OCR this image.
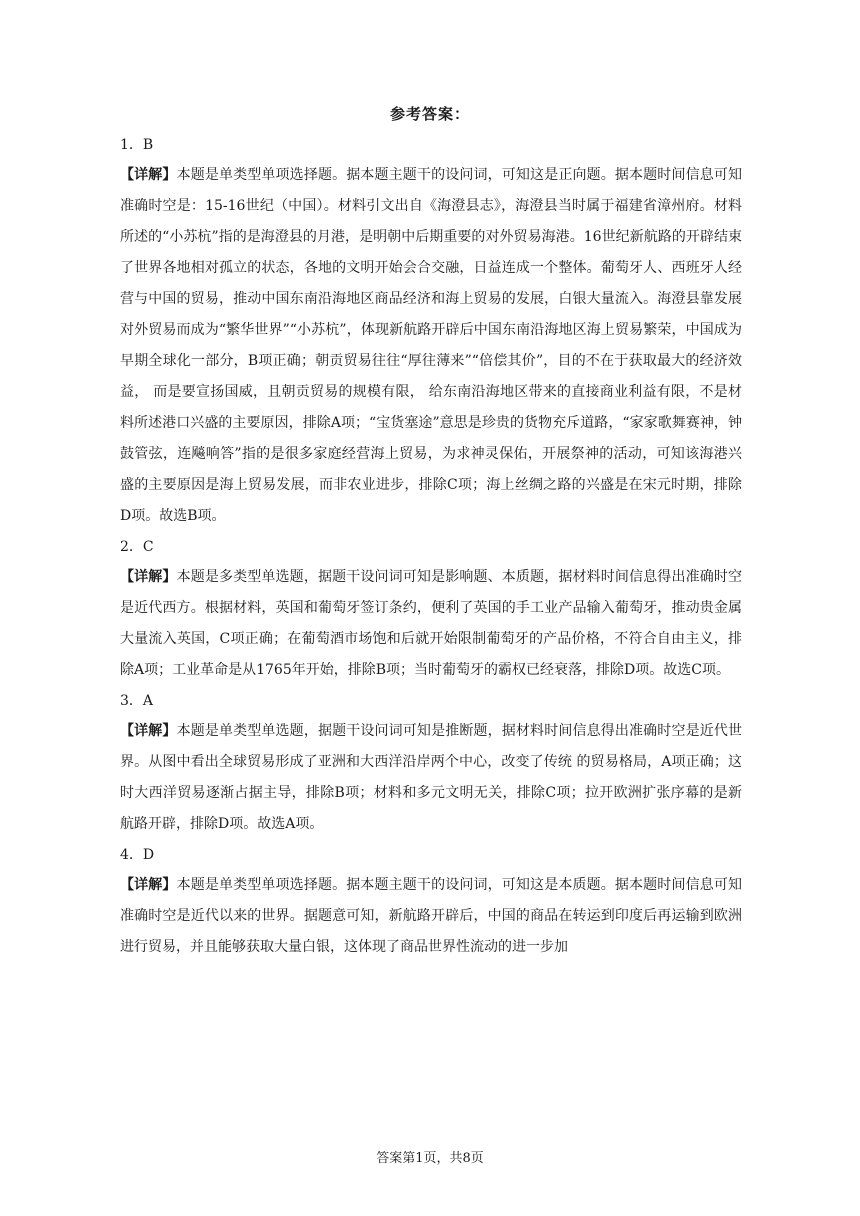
参考答案：

1．B

【详解】本题是单类型单项选择题。据本题主题干的设问词，可知这是正向题。据本题时间信息可知准确时空是：15-16世纪（中国）。材料引文出自《海澄县志》，海澄县当时属于福建省漳州府。材料所述的“小苏杭”指的是海澄县的月港，是明朝中后期重要的对外贸易海港。16世纪新航路的开辟结束了世界各地相对孤立的状态，各地的文明开始会合交融，日益连成一个整体。葡萄牙人、西班牙人经营与中国的贸易，推动中国东南沿海地区商品经济和海上贸易的发展，白银大量流入。海澄县靠发展对外贸易而成为“繁华世界”“小苏杭”，体现新航路开辟后中国东南沿海地区海上贸易繁荣，中国成为早期全球化一部分，B项正确；朝贡贸易往往“厚往薄来”“倍偿其价”，目的不在于获取最大的经济效益， 而是要宣扬国威，且朝贡贸易的规模有限， 给东南沿海地区带来的直接商业利益有限，不是材料所述港口兴盛的主要原因，排除A项；“宝货塞途”意思是珍贵的货物充斥道路，“家家歌舞赛神，钟鼓管弦，连飚响答”指的是很多家庭经营海上贸易，为求神灵保佑，开展祭神的活动，可知该海港兴盛的主要原因是海上贸易发展，而非农业进步，排除C项；海上丝绸之路的兴盛是在宋元时期，排除D项。故选B项。

2．C

【详解】本题是多类型单选题，据题干设问词可知是影响题、本质题，据材料时间信息得出准确时空是近代西方。根据材料，英国和葡萄牙签订条约，便利了英国的手工业产品输入葡萄牙，推动贵金属大量流入英国，C项正确；在葡萄酒市场饱和后就开始限制葡萄牙的产品价格，不符合自由主义，排除A项；工业革命是从1765年开始，排除B项；当时葡萄牙的霸权已经衰落，排除D项。故选C项。

3．A

【详解】本题是单类型单选题，据题干设问词可知是推断题，据材料时间信息得出准确时空是近代世界。从图中看出全球贸易形成了亚洲和大西洋沿岸两个中心，改变了传统 的贸易格局，A项正确；这时大西洋贸易逐渐占据主导，排除B项；材料和多元文明无关，排除C项；拉开欧洲扩张序幕的是新航路开辟，排除D项。故选A项。

4．D

【详解】本题是单类型单项选择题。据本题主题干的设问词，可知这是本质题。据本题时间信息可知准确时空是近代以来的世界。据题意可知，新航路开辟后，中国的商品在转运到印度后再运输到欧洲进行贸易，并且能够获取大量白银，这体现了商品世界性流动的进一步加

答案第1页，共8页
